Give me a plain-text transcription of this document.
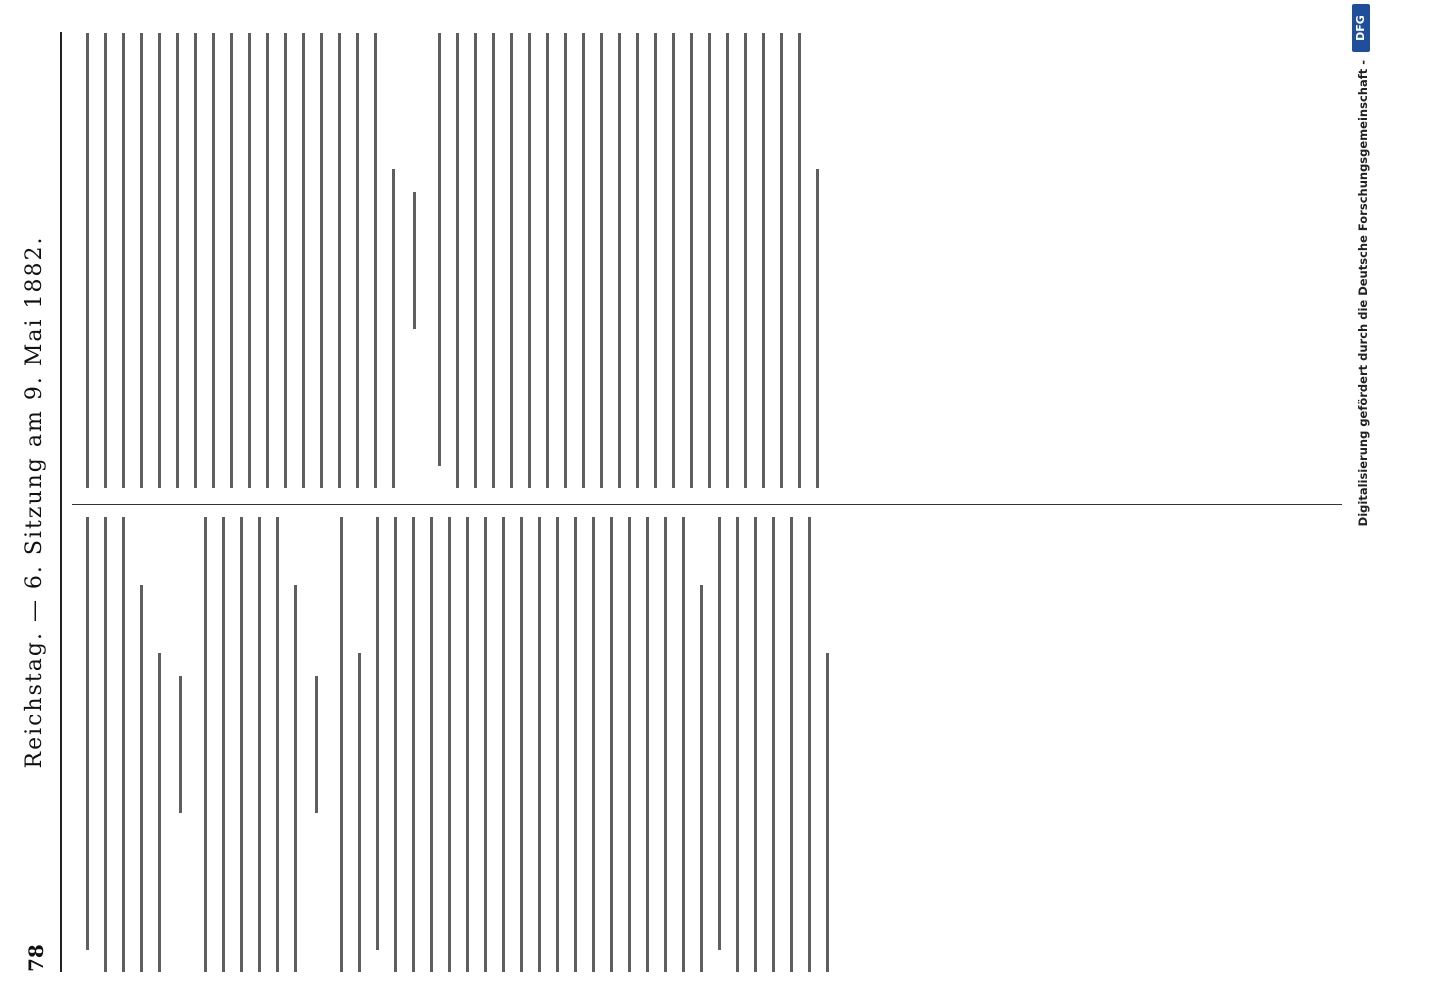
78
Reichstag. — 6. Sitzung am 9. Mai 1882.	Digitalisierung gefördert durch die Deutsche Forschungsgemeinschaft -
DFG
